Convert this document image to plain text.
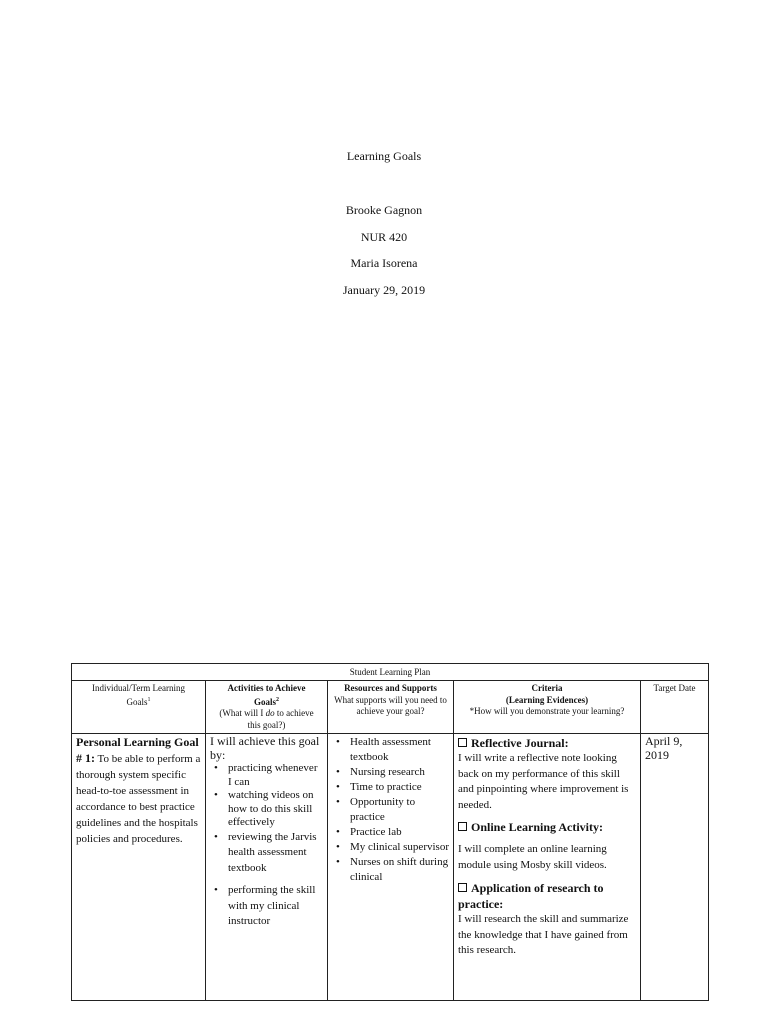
Learning Goals
Brooke Gagnon
NUR 420
Maria Isorena
January 29, 2019
Student Learning Plan
Individual/Term Learning Goals$^1$
Activities to Achieve Goals$^2$
(What will I do to achieve this goal?)
Resources and Supports
What supports will you need to achieve your goal?
Criteria
(Learning Evidences)
*How will you demonstrate your learning?
Target Date
Personal Learning Goal # 1: To be able to perform a thorough system specific head-to-toe assessment in accordance to best practice guidelines and the hospitals policies and procedures.
I will achieve this goal by:
• practicing whenever I can
• watching videos on how to do this skill effectively
• reviewing the Jarvis health assessment textbook
• performing the skill with my clinical instructor
• Health assessment textbook
• Nursing research
• Time to practice
• Opportunity to practice
• Practice lab
• My clinical supervisor
• Nurses on shift during clinical
Reflective Journal:
I will write a reflective note looking back on my performance of this skill and pinpointing where improvement is needed.
Online Learning Activity:
I will complete an online learning module using Mosby skill videos.
Application of research to practice:
I will research the skill and summarize the knowledge that I have gained from this research.
April 9, 2019
